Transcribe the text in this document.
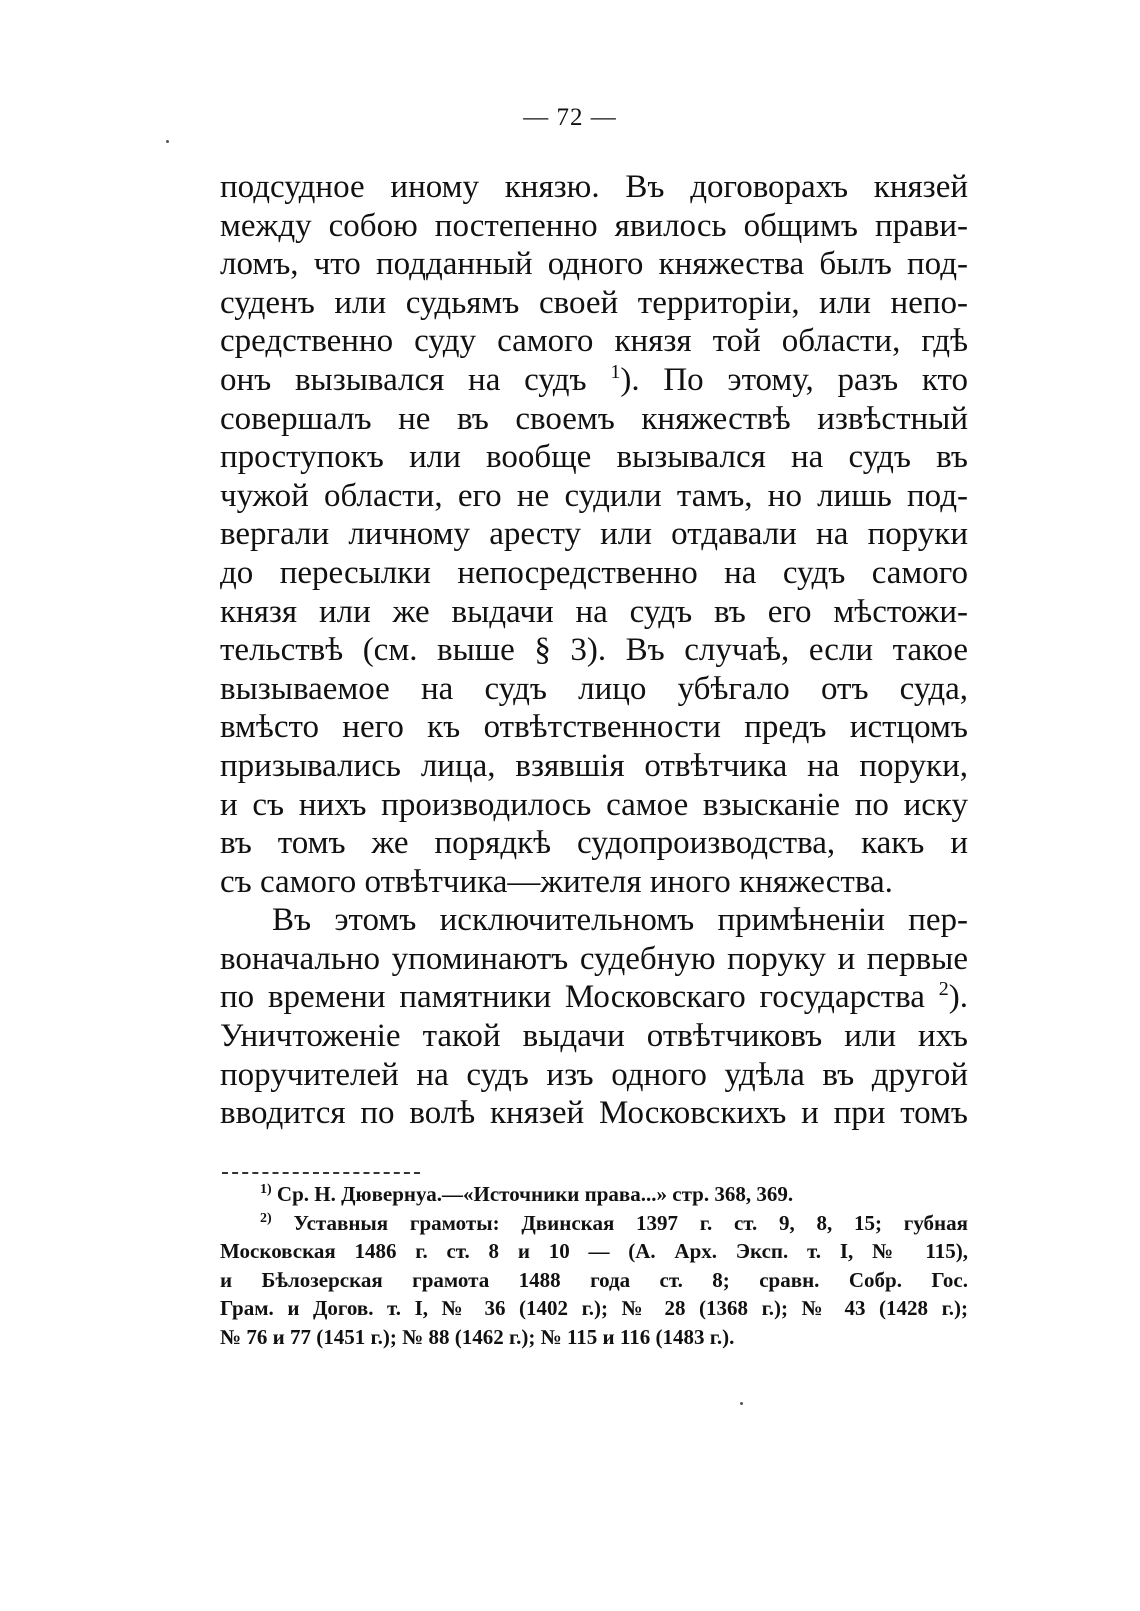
— 72 —
подсудное иному князю. Въ договорахъ князей
между собою постепенно явилось общимъ прави-
ломъ, что подданный одного княжества былъ под-
суденъ или судьямъ своей территоріи, или непо-
средственно суду самого князя той области, гдѣ
онъ вызывался на судъ $^1$). По этому, разъ кто
совершалъ не въ своемъ княжествѣ извѣстный
проступокъ или вообще вызывался на судъ въ
чужой области, его не судили тамъ, но лишь под-
вергали личному аресту или отдавали на поруки
до пересылки непосредственно на судъ самого
князя или же выдачи на судъ въ его мѣстожи-
тельствѣ (см. выше § 3). Въ случаѣ, если такое
вызываемое на судъ лицо убѣгало отъ суда,
вмѣсто него къ отвѣтственности предъ истцомъ
призывались лица, взявшія отвѣтчика на поруки,
и съ нихъ производилось самое взысканіе по иску
въ томъ же порядкѣ судопроизводства, какъ и
съ самого отвѣтчика—жителя иного княжества.
Въ этомъ исключительномъ примѣненіи пер-
воначально упоминаютъ судебную поруку и первые
по времени памятники Московскаго государства $^2$).
Уничтоженіе такой выдачи отвѣтчиковъ или ихъ
поручителей на судъ изъ одного удѣла въ другой
вводится по волѣ князей Московскихъ и при томъ
$^{1)}$ Ср. Н. Дювернуа.—«Источники права...» стр. 368, 369.
$^{2)}$ Уставныя грамоты: Двинская 1397 г. ст. 9, 8, 15; губная
Московская 1486 г. ст. 8 и 10 — (А. Арх. Эксп. т. I, № 115),
и Бѣлозерская грамота 1488 года ст. 8; сравн. Собр. Гос.
Грам. и Догов. т. I, № 36 (1402 г.); № 28 (1368 г.); № 43 (1428 г.);
№ 76 и 77 (1451 г.); № 88 (1462 г.); № 115 и 116 (1483 г.).
